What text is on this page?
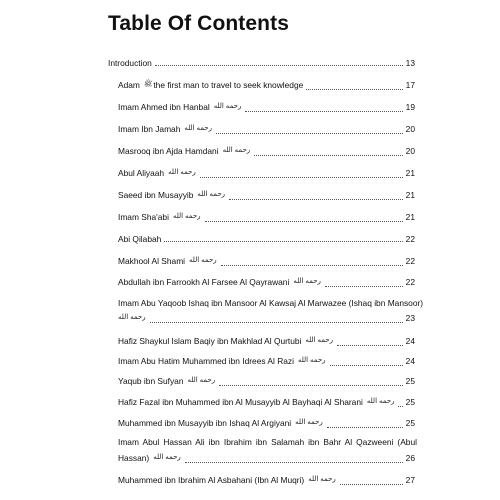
Table Of Contents
Introduction	13
Adam ﷺ the first man to travel to seek knowledge	17
Imam Ahmed ibn Hanbal رحمه الله	19
Imam Ibn Jamah رحمه الله	20
Masrooq ibn Ajda Hamdani رحمه الله	20
Abul Aliyaah رحمه الله	21
Saeed ibn Musayyib رحمه الله	21
Imam Sha'abi رحمه الله	21
Abi Qilabah	22
Makhool Al Shami رحمه الله	22
Abdullah ibn Farrookh Al Farsee Al Qayrawani رحمه الله	22
Imam Abu Yaqoob Ishaq ibn Mansoor Al Kawsaj Al Marwazee (Ishaq ibn Mansoor)
رحمه الله	23
Hafiz Shaykul Islam Baqiy ibn Makhlad Al Qurtubi رحمه الله	24
Imam Abu Hatim Muhammed ibn Idrees Al Razi رحمه الله	24
Yaqub ibn Sufyan رحمه الله	25
Hafiz Fazal ibn Muhammed ibn Al Musayyib Al Bayhaqi Al Sharani رحمه الله 25
Muhammed ibn Musayyib ibn Ishaq Al Argiyani رحمه الله	25
Imam Abul Hassan Ali ibn Ibrahim ibn Salamah ibn Bahr Al Qazweeni (Abul
Hassan) رحمه الله	26
Muhammed ibn Ibrahim Al Asbahani (Ibn Al Muqri) رحمه الله	27
